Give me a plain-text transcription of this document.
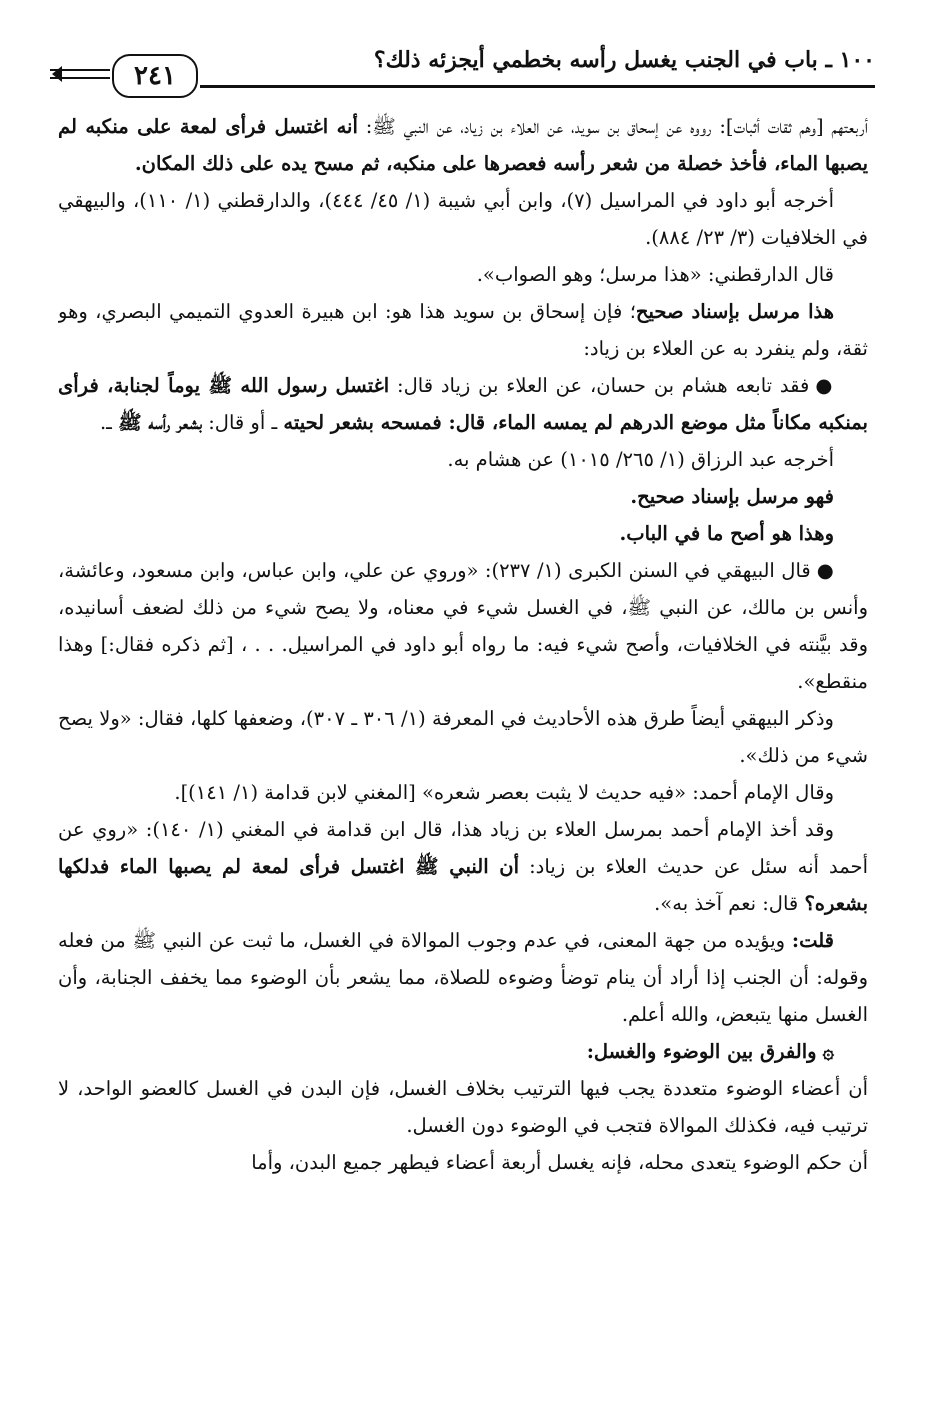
٢٤١
١٠٠ ـ باب في الجنب يغسل رأسه بخطمي أيجزئه ذلك؟

أربعتهم [وهم ثقات أثبات]: رووه عن إسحاق بن سويد، عن العلاء بن زياد، عن النبي ﷺ: أنه اغتسل فرأى لمعة على منكبه لم يصبها الماء، فأخذ خصلة من شعر رأسه فعصرها على منكبه، ثم مسح يده على ذلك المكان.

أخرجه أبو داود في المراسيل (٧)، وابن أبي شيبة (١/ ٤٥/ ٤٤٤)، والدارقطني (١/ ١١٠)، والبيهقي في الخلافيات (٣/ ٢٣/ ٨٨٤).

قال الدارقطني: «هذا مرسل؛ وهو الصواب».

هذا مرسل بإسناد صحيح؛ فإن إسحاق بن سويد هذا هو: ابن هبيرة العدوي التميمي البصري، وهو ثقة، ولم ينفرد به عن العلاء بن زياد:

●فقد تابعه هشام بن حسان، عن العلاء بن زياد قال: اغتسل رسول الله ﷺ يوماً لجنابة، فرأى بمنكبه مكاناً مثل موضع الدرهم لم يمسه الماء، قال: فمسحه بشعر لحيته ـ أو قال: بشعر رأسه ﷺ ـ.

أخرجه عبد الرزاق (١/ ٢٦٥/ ١٠١٥) عن هشام به.

فهو مرسل بإسناد صحيح.

وهذا هو أصح ما في الباب.

●قال البيهقي في السنن الكبرى (١/ ٢٣٧): «وروي عن علي، وابن عباس، وابن مسعود، وعائشة، وأنس بن مالك، عن النبي ﷺ، في الغسل شيء في معناه، ولا يصح شيء من ذلك لضعف أسانيده، وقد بيَّنته في الخلافيات، وأصح شيء فيه: ما رواه أبو داود في المراسيل. . . ، [ثم ذكره فقال:] وهذا منقطع».

وذكر البيهقي أيضاً طرق هذه الأحاديث في المعرفة (١/ ٣٠٦ ـ ٣٠٧)، وضعفها كلها، فقال: «ولا يصح شيء من ذلك».

وقال الإمام أحمد: «فيه حديث لا يثبت بعصر شعره» [المغني لابن قدامة (١/ ١٤١)].

وقد أخذ الإمام أحمد بمرسل العلاء بن زياد هذا، قال ابن قدامة في المغني (١/ ١٤٠): «روي عن أحمد أنه سئل عن حديث العلاء بن زياد: أن النبي ﷺ اغتسل فرأى لمعة لم يصبها الماء فدلكها بشعره؟ قال: نعم آخذ به».

قلت: ويؤيده من جهة المعنى، في عدم وجوب الموالاة في الغسل، ما ثبت عن النبي ﷺ من فعله وقوله: أن الجنب إذا أراد أن ينام توضأ وضوءه للصلاة، مما يشعر بأن الوضوء مما يخفف الجنابة، وأن الغسل منها يتبعض، والله أعلم.

۞والفرق بين الوضوء والغسل:

أن أعضاء الوضوء متعددة يجب فيها الترتيب بخلاف الغسل، فإن البدن في الغسل كالعضو الواحد، لا ترتيب فيه، فكذلك الموالاة فتجب في الوضوء دون الغسل.

أن حكم الوضوء يتعدى محله، فإنه يغسل أربعة أعضاء فيطهر جميع البدن، وأما
